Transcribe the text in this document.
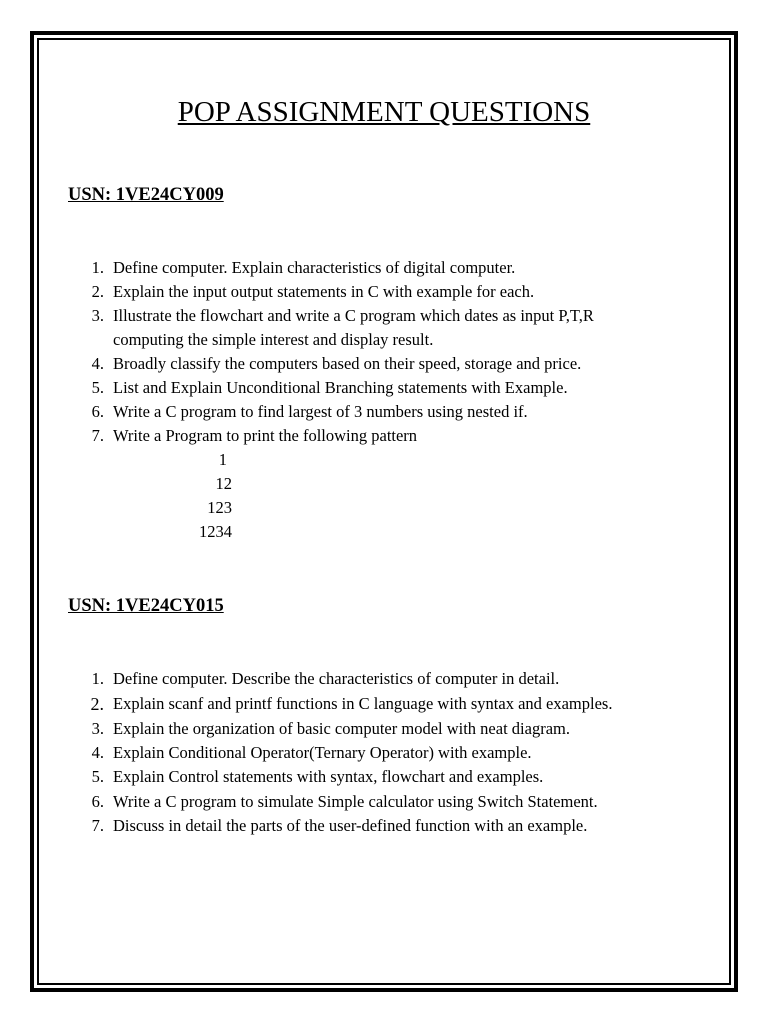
POP ASSIGNMENT QUESTIONS
USN: 1VE24CY009
1. Define computer. Explain characteristics of digital computer.
2. Explain the input output statements in C with example for each.
3. Illustrate the flowchart and write a C program which dates as input P,T,R
computing the simple interest and display result.
4. Broadly classify the computers based on their speed, storage and price.
5. List and Explain Unconditional Branching statements with Example.
6. Write a C program to find largest of 3 numbers using nested if.
7. Write a Program to print the following pattern
1
12
123
1234
USN: 1VE24CY015
1. Define computer. Describe the characteristics of computer in detail.
2. Explain scanf and printf functions in C language with syntax and examples.
3. Explain the organization of basic computer model with neat diagram.
4. Explain Conditional Operator(Ternary Operator) with example.
5. Explain Control statements with syntax, flowchart and examples.
6. Write a C program to simulate Simple calculator using Switch Statement.
7. Discuss in detail the parts of the user-defined function with an example.
